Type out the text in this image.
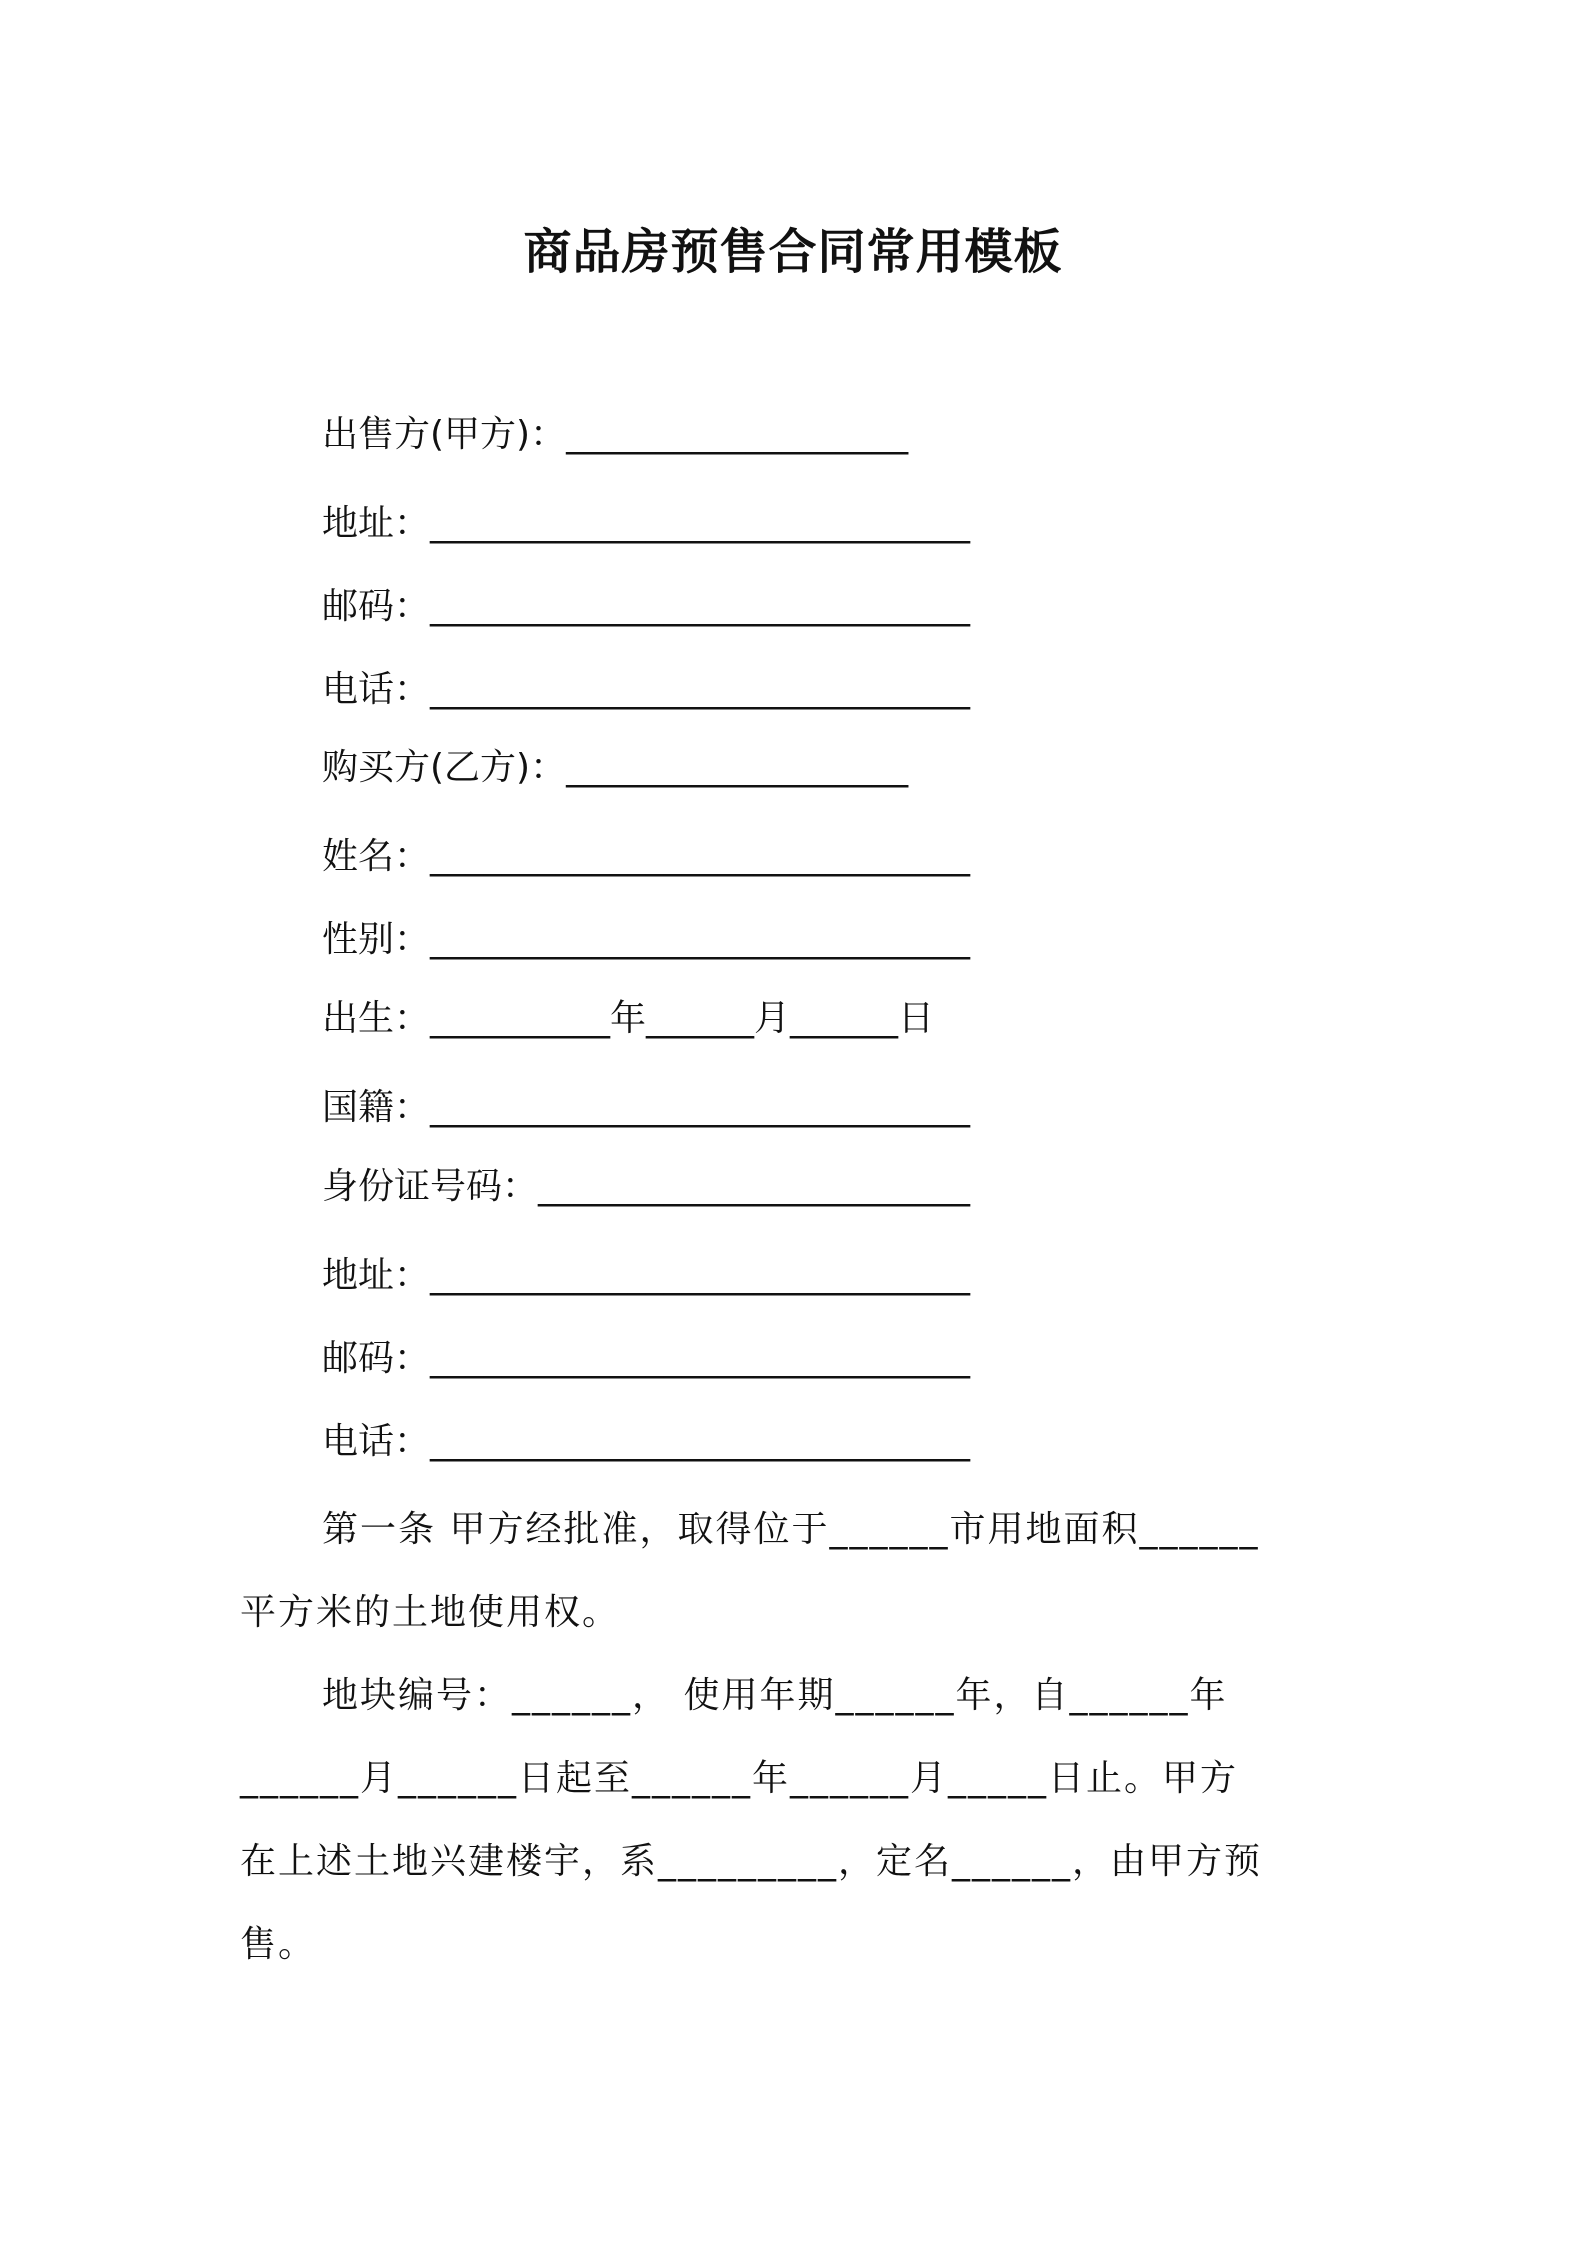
商品房预售合同常用模板
出售方(甲方)：___________________
地址：______________________________
邮码：______________________________
电话：______________________________
购买方(乙方)：___________________
姓名：______________________________
性别：______________________________
出生：__________年______月______日
国籍：______________________________
身份证号码：________________________
地址：______________________________
邮码：______________________________
电话：______________________________
第一条 甲方经批准，取得位于______市用地面积______
平方米的土地使用权。
地块编号：______， 使用年期______年，自______年
______月______日起至______年______月_____日止。甲方
在上述土地兴建楼宇，系_________，定名______，由甲方预
售。
